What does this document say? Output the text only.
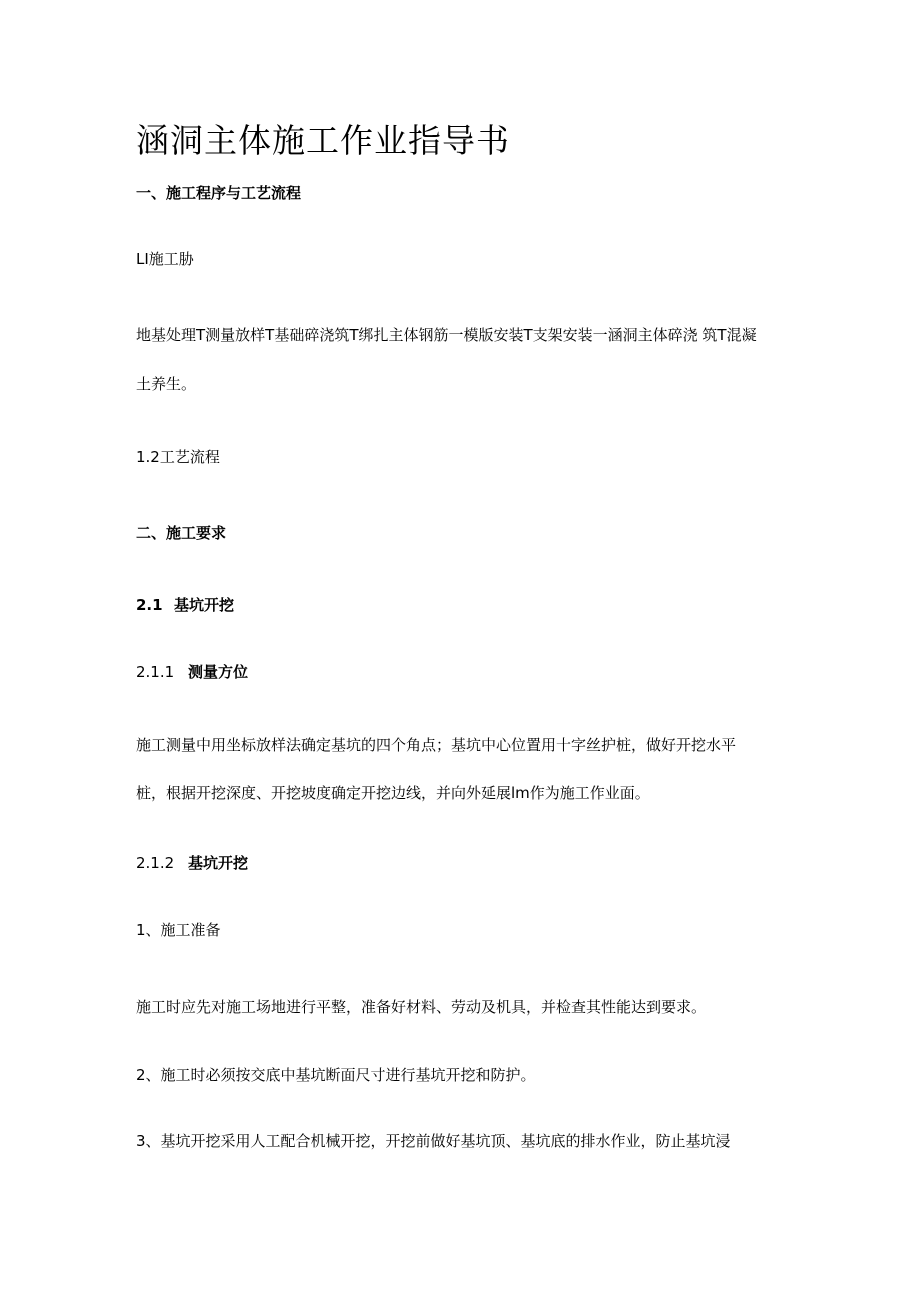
涵洞主体施工作业指导书
一、施工程序与工艺流程
LI施工胁
地基处理T测量放样T基础碎浇筑T绑扎主体钢筋一模版安装T支架安装一涵洞主体碎浇 筑T混凝
土养生。
1.2工艺流程
二、施工要求
2.1 基坑开挖
2.1.1 测量方位
施工测量中用坐标放样法确定基坑的四个角点；基坑中心位置用十字丝护桩，做好开挖水平
桩，根据开挖深度、开挖坡度确定开挖边线，并向外延展lm作为施工作业面。
2.1.2 基坑开挖
1、施工准备
施工时应先对施工场地进行平整，准备好材料、劳动及机具，并检查其性能达到要求。
2、施工时必须按交底中基坑断面尺寸进行基坑开挖和防护。
3、基坑开挖采用人工配合机械开挖，开挖前做好基坑顶、基坑底的排水作业，防止基坑浸
